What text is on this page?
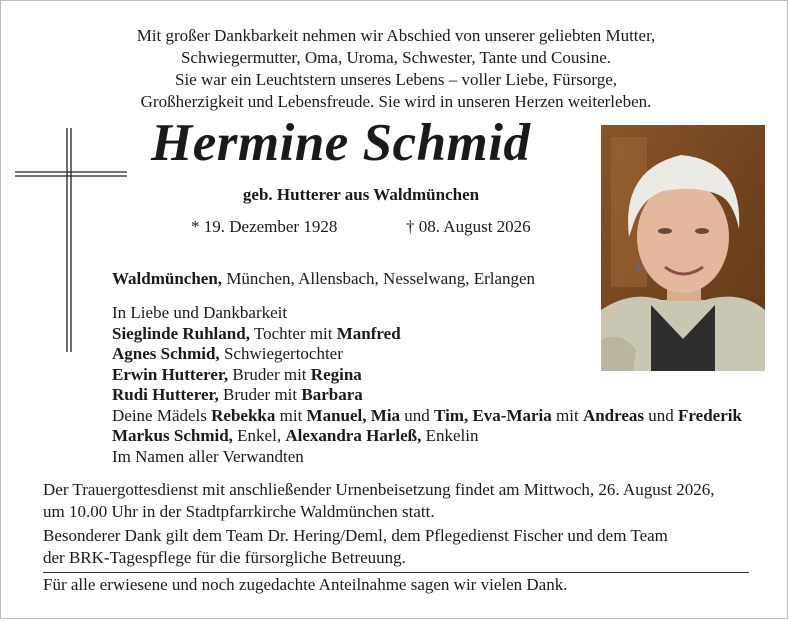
Mit großer Dankbarkeit nehmen wir Abschied von unserer geliebten Mutter,
Schwiegermutter, Oma, Uroma, Schwester, Tante und Cousine.
Sie war ein Leuchtstern unseres Lebens – voller Liebe, Fürsorge,
Großherzigkeit und Lebensfreude. Sie wird in unseren Herzen weiterleben.
Hermine Schmid
geb. Hutterer aus Waldmünchen
* 19. Dezember 1928	† 08. August 2026
Waldmünchen, München, Allensbach, Nesselwang, Erlangen
In Liebe und Dankbarkeit
Sieglinde Ruhland, Tochter mit Manfred
Agnes Schmid, Schwiegertochter
Erwin Hutterer, Bruder mit Regina
Rudi Hutterer, Bruder mit Barbara
Deine Mädels Rebekka mit Manuel, Mia und Tim, Eva-Maria mit Andreas und Frederik
Markus Schmid, Enkel, Alexandra Harleß, Enkelin
Im Namen aller Verwandten
Der Trauergottesdienst mit anschließender Urnenbeisetzung findet am Mittwoch, 26. August 2026,
um 10.00 Uhr in der Stadtpfarrkirche Waldmünchen statt.
Besonderer Dank gilt dem Team Dr. Hering/Deml, dem Pflegedienst Fischer und dem Team
der BRK-Tagespflege für die fürsorgliche Betreuung.
Für alle erwiesene und noch zugedachte Anteilnahme sagen wir vielen Dank.
